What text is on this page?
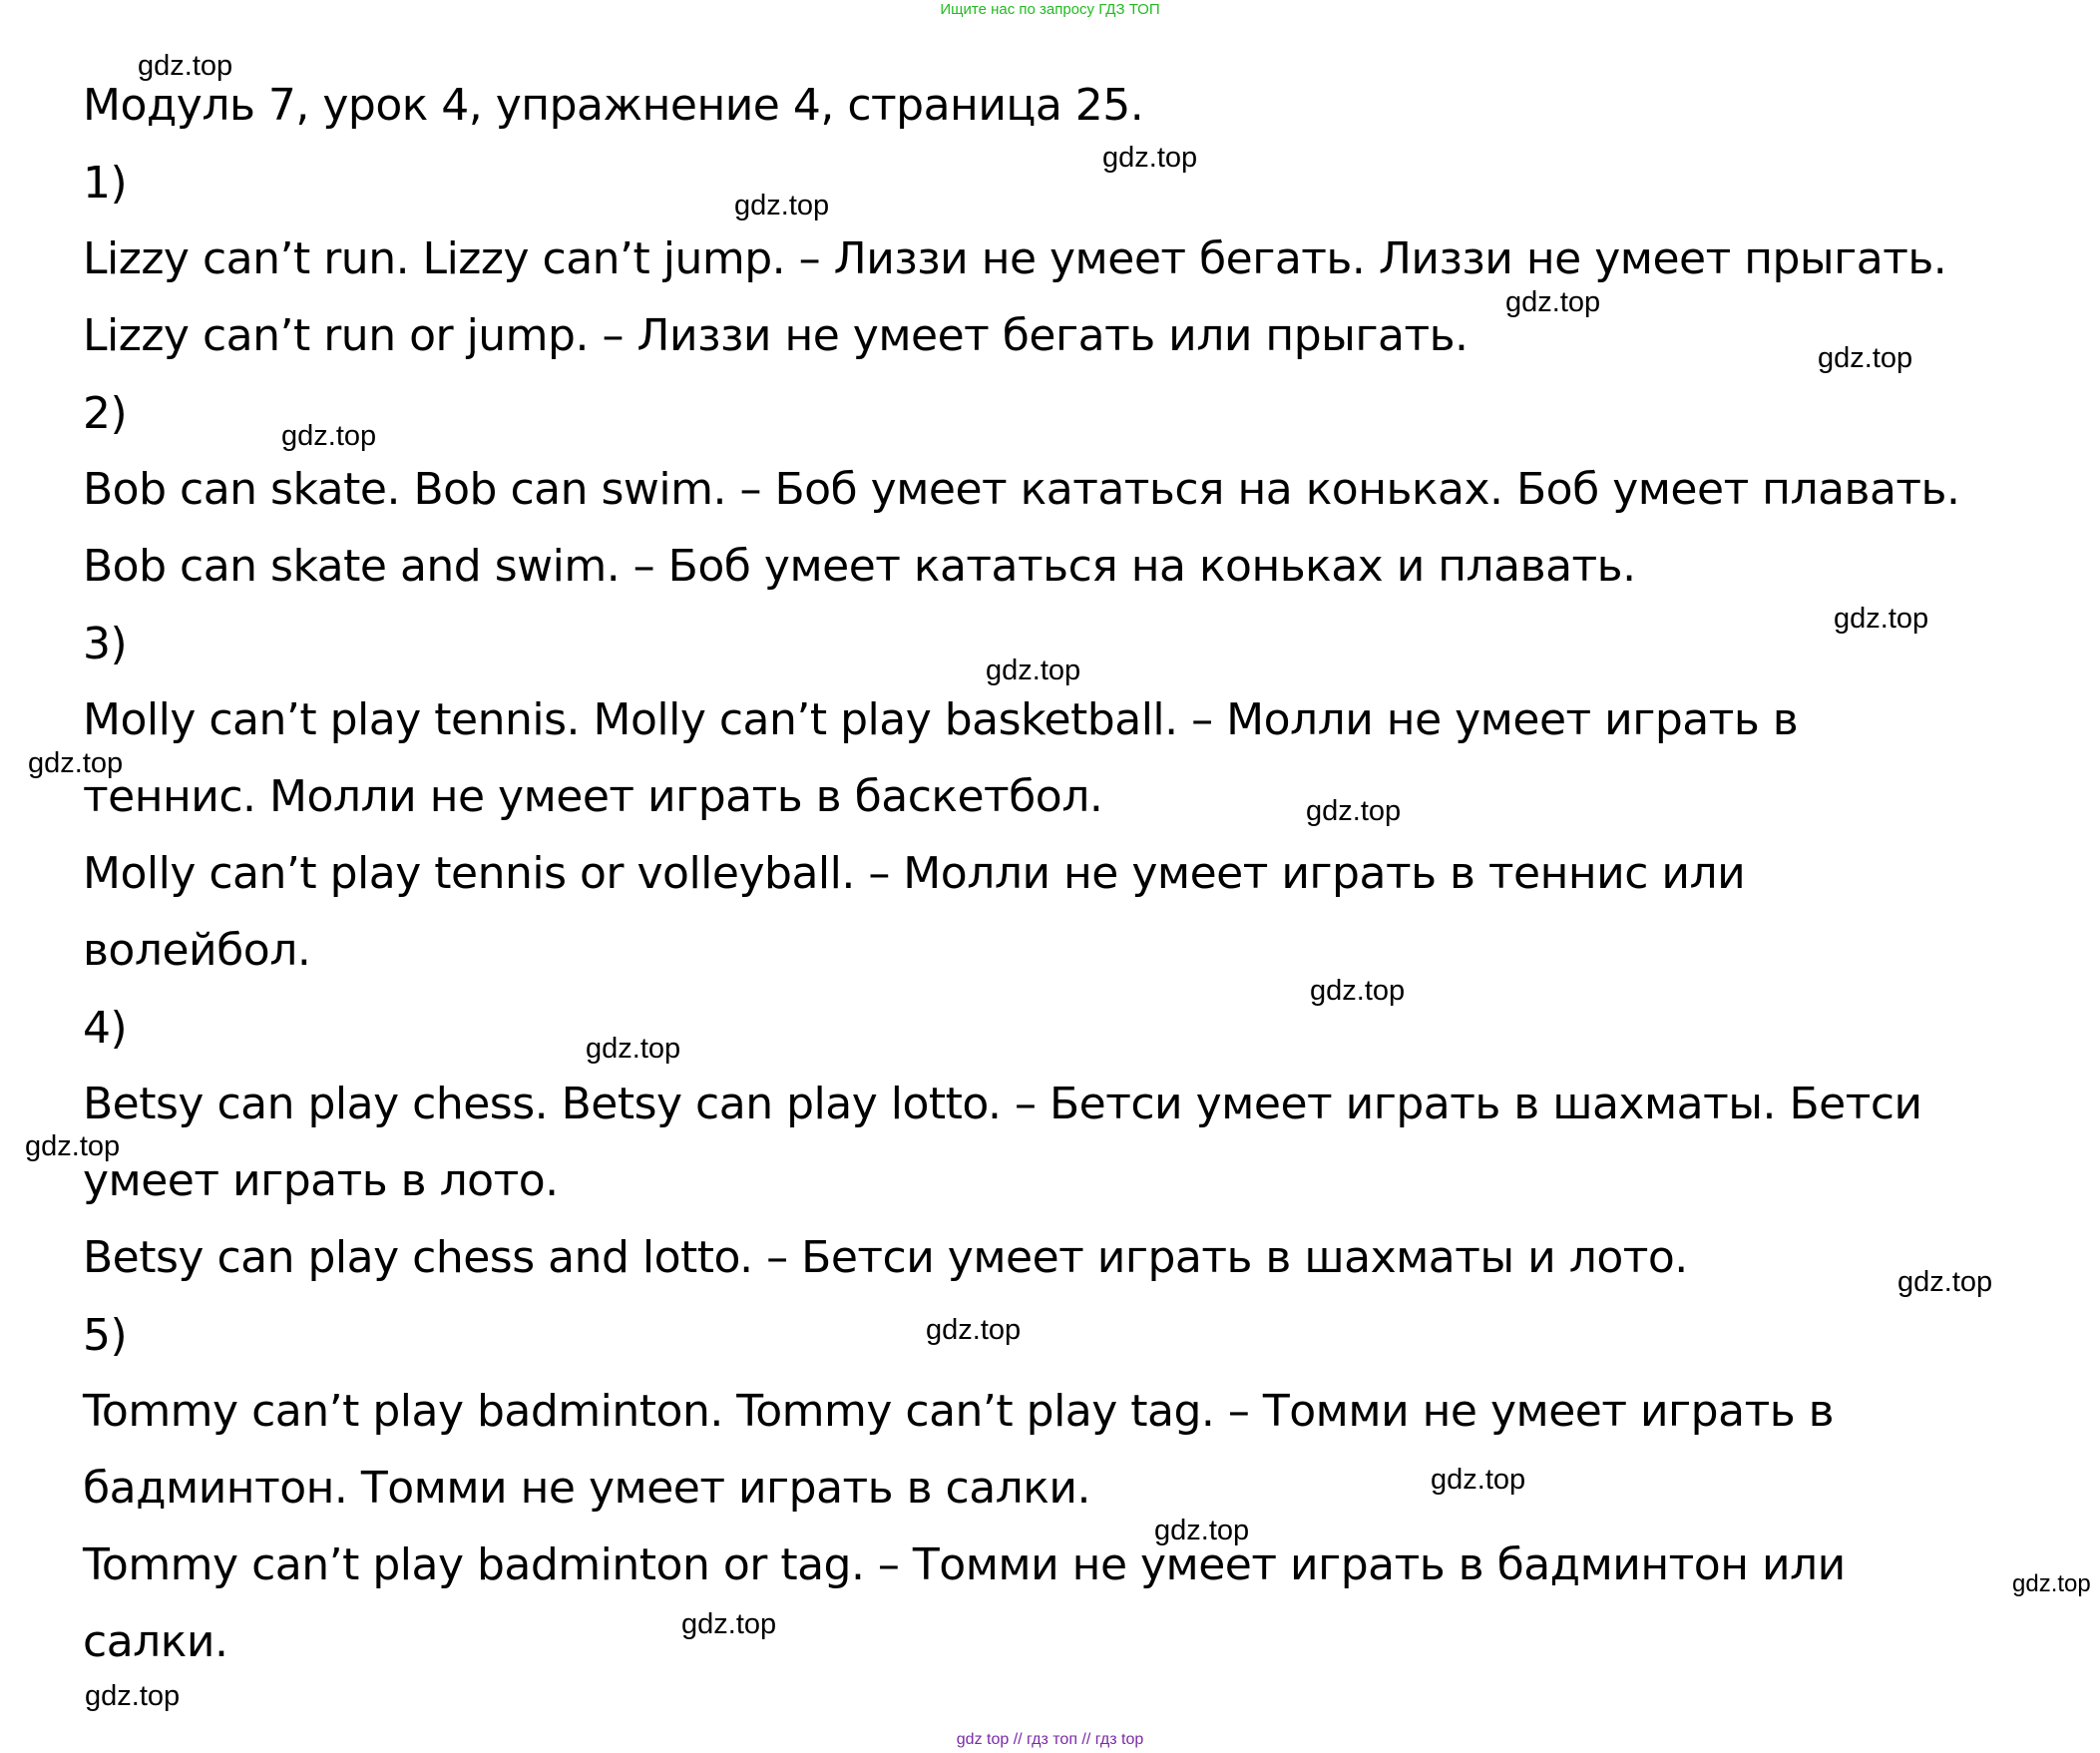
Ищите нас по запросу ГДЗ ТОП
Модуль 7, урок 4, упражнение 4, страница 25.
1)
Lizzy can’t run. Lizzy can’t jump. – Лиззи не умеет бегать. Лиззи не умеет прыгать.
Lizzy can’t run or jump. – Лиззи не умеет бегать или прыгать.
2)
Bob can skate. Bob can swim. – Боб умеет кататься на коньках. Боб умеет плавать.
Bob can skate and swim. – Боб умеет кататься на коньках и плавать.
3)
Molly can’t play tennis. Molly can’t play basketball. – Молли не умеет играть в
теннис. Молли не умеет играть в баскетбол.
Molly can’t play tennis or volleyball. – Молли не умеет играть в теннис или
волейбол.
4)
Betsy can play chess. Betsy can play lotto. – Бетси умеет играть в шахматы. Бетси
умеет играть в лото.
Betsy can play chess and lotto. – Бетси умеет играть в шахматы и лото.
5)
Tommy can’t play badminton. Tommy can’t play tag. – Томми не умеет играть в
бадминтон. Томми не умеет играть в салки.
Tommy can’t play badminton or tag. – Томми не умеет играть в бадминтон или
салки.
gdz.top
gdz.top
gdz.top
gdz.top
gdz.top
gdz.top
gdz.top
gdz.top
gdz.top
gdz.top
gdz.top
gdz.top
gdz.top
gdz.top
gdz.top
gdz.top
gdz.top
gdz.top
gdz.top
gdz.top
gdz top // гдз топ // гдз top
